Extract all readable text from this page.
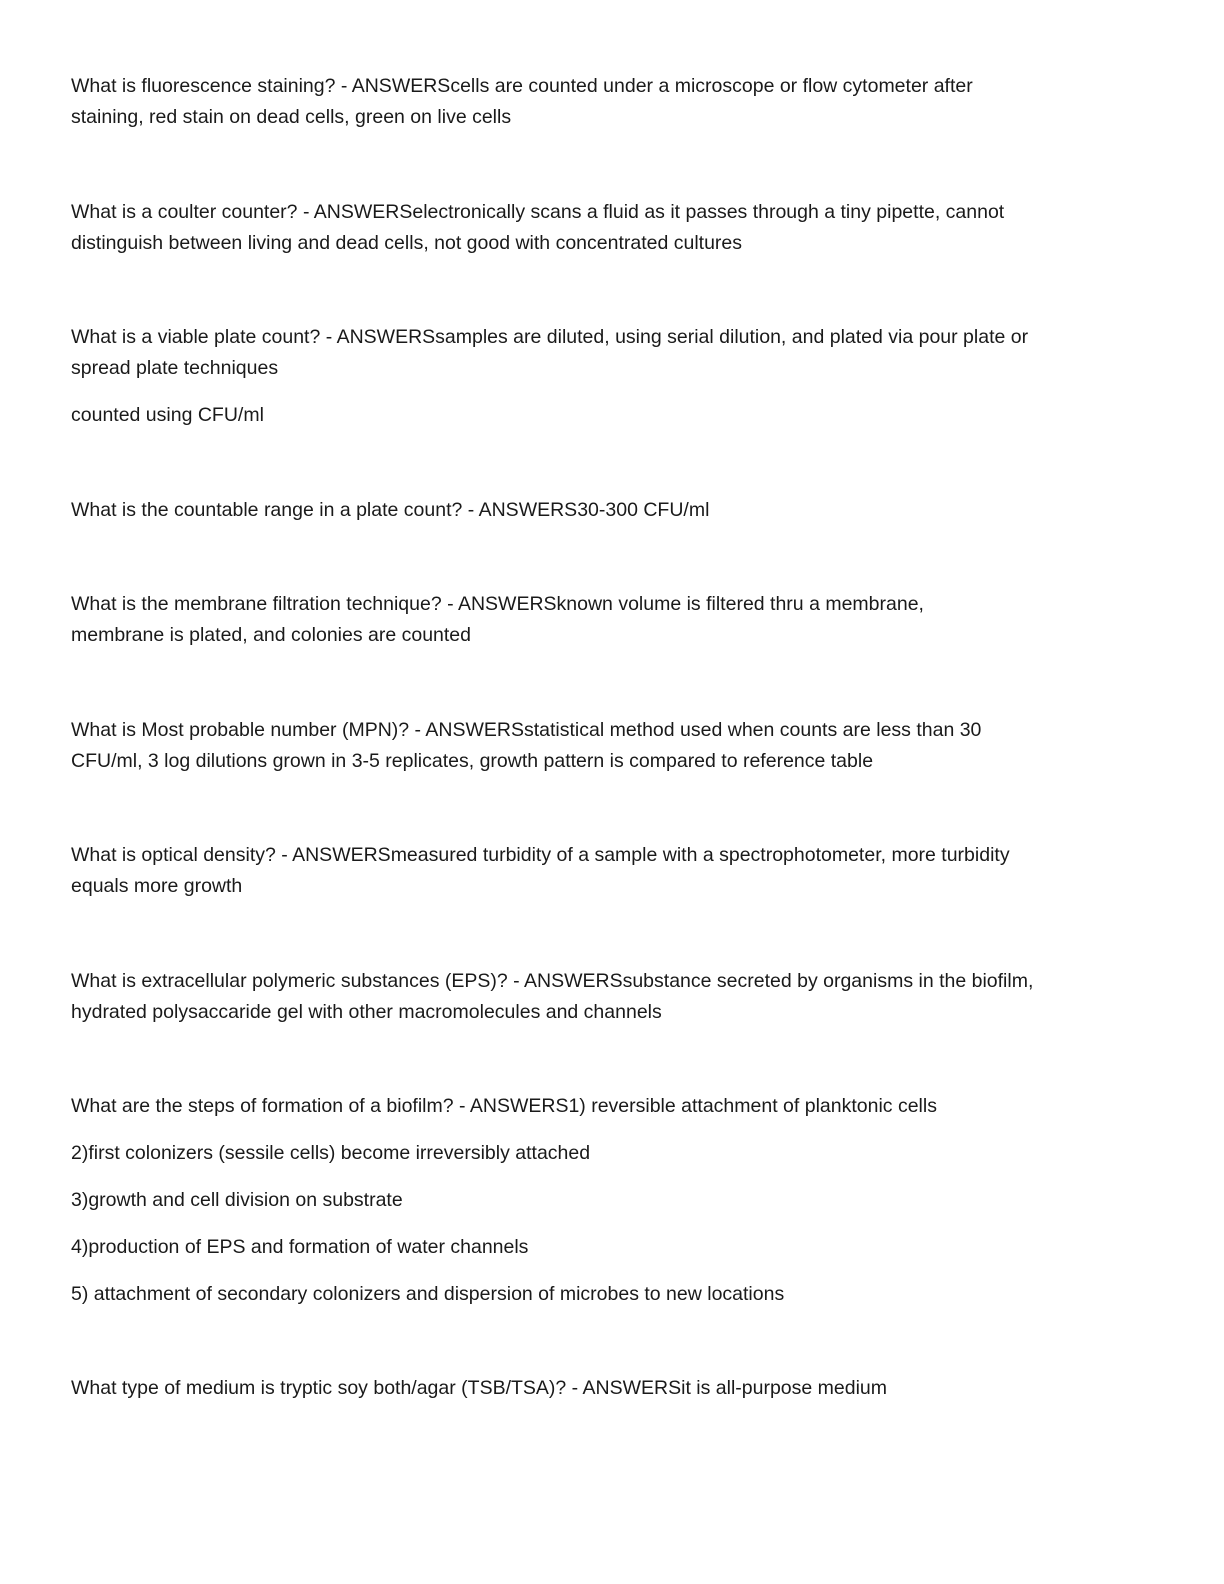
What is fluorescence staining? - ANSWERScells are counted under a microscope or flow cytometer after

staining, red stain on dead cells, green on live cells

What is a coulter counter? - ANSWERSelectronically scans a fluid as it passes through a tiny pipette, cannot

distinguish between living and dead cells, not good with concentrated cultures

What is a viable plate count? - ANSWERSsamples are diluted, using serial dilution, and plated via pour plate or

spread plate techniques

counted using CFU/ml

What is the countable range in a plate count? - ANSWERS30-300 CFU/ml

What is the membrane filtration technique? - ANSWERSknown volume is filtered thru a membrane,

membrane is plated, and colonies are counted

What is Most probable number (MPN)? - ANSWERSstatistical method used when counts are less than 30

CFU/ml, 3 log dilutions grown in 3-5 replicates, growth pattern is compared to reference table

What is optical density? - ANSWERSmeasured turbidity of a sample with a spectrophotometer, more turbidity

equals more growth

What is extracellular polymeric substances (EPS)? - ANSWERSsubstance secreted by organisms in the biofilm,

hydrated polysaccaride gel with other macromolecules and channels

What are the steps of formation of a biofilm? - ANSWERS1) reversible attachment of planktonic cells

2)first colonizers (sessile cells) become irreversibly attached

3)growth and cell division on substrate

4)production of EPS and formation of water channels

5) attachment of secondary colonizers and dispersion of microbes to new locations

What type of medium is tryptic soy both/agar (TSB/TSA)? - ANSWERSit is all-purpose medium
